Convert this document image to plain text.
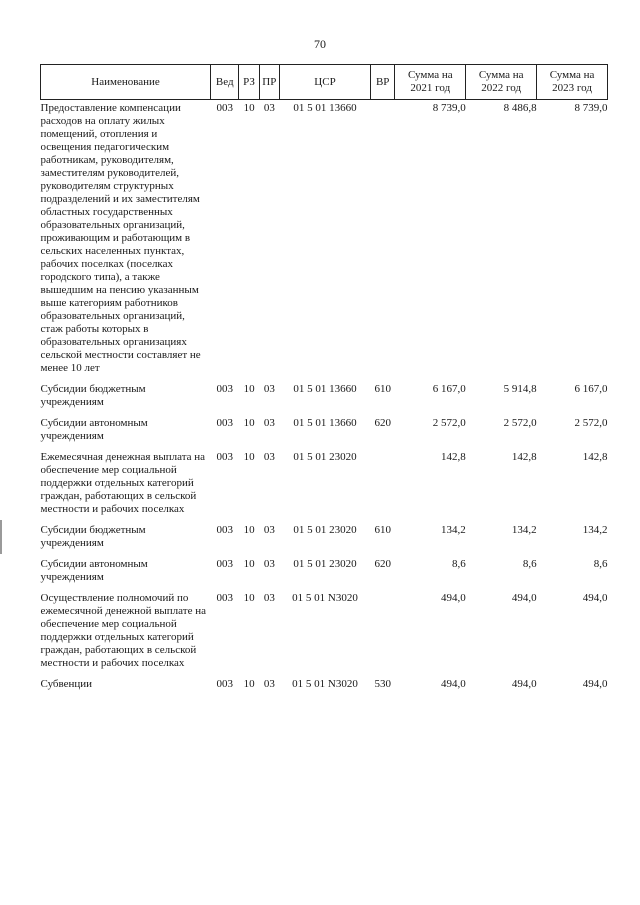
70
Наименование	Вед	РЗ	ПР	ЦСР	ВР	Сумма на 2021 год	Сумма на 2022 год	Сумма на 2023 год
Предоставление компенсации расходов на оплату жилых помещений, отопления и освещения педагогическим работникам, руководителям, заместителям руководителей, руководителям структурных подразделений и их заместителям областных государственных образовательных организаций, проживающим и работающим в сельских населенных пунктах, рабочих поселках (поселках городского типа), а также вышедшим на пенсию указанным выше категориям работников образовательных организаций, стаж работы которых в образовательных организациях сельской местности составляет не менее 10 лет	003	10	03	01 5 01 13660		8 739,0	8 486,8	8 739,0
Субсидии бюджетным учреждениям	003	10	03	01 5 01 13660	610	6 167,0	5 914,8	6 167,0
Субсидии автономным учреждениям	003	10	03	01 5 01 13660	620	2 572,0	2 572,0	2 572,0
Ежемесячная денежная выплата на обеспечение мер социальной поддержки отдельных категорий граждан, работающих в сельской местности и рабочих поселках	003	10	03	01 5 01 23020		142,8	142,8	142,8
Субсидии бюджетным учреждениям	003	10	03	01 5 01 23020	610	134,2	134,2	134,2
Субсидии автономным учреждениям	003	10	03	01 5 01 23020	620	8,6	8,6	8,6
Осуществление полномочий по ежемесячной денежной выплате на обеспечение мер социальной поддержки отдельных категорий граждан, работающих в сельской местности и рабочих поселках	003	10	03	01 5 01 N3020		494,0	494,0	494,0
Субвенции	003	10	03	01 5 01 N3020	530	494,0	494,0	494,0
